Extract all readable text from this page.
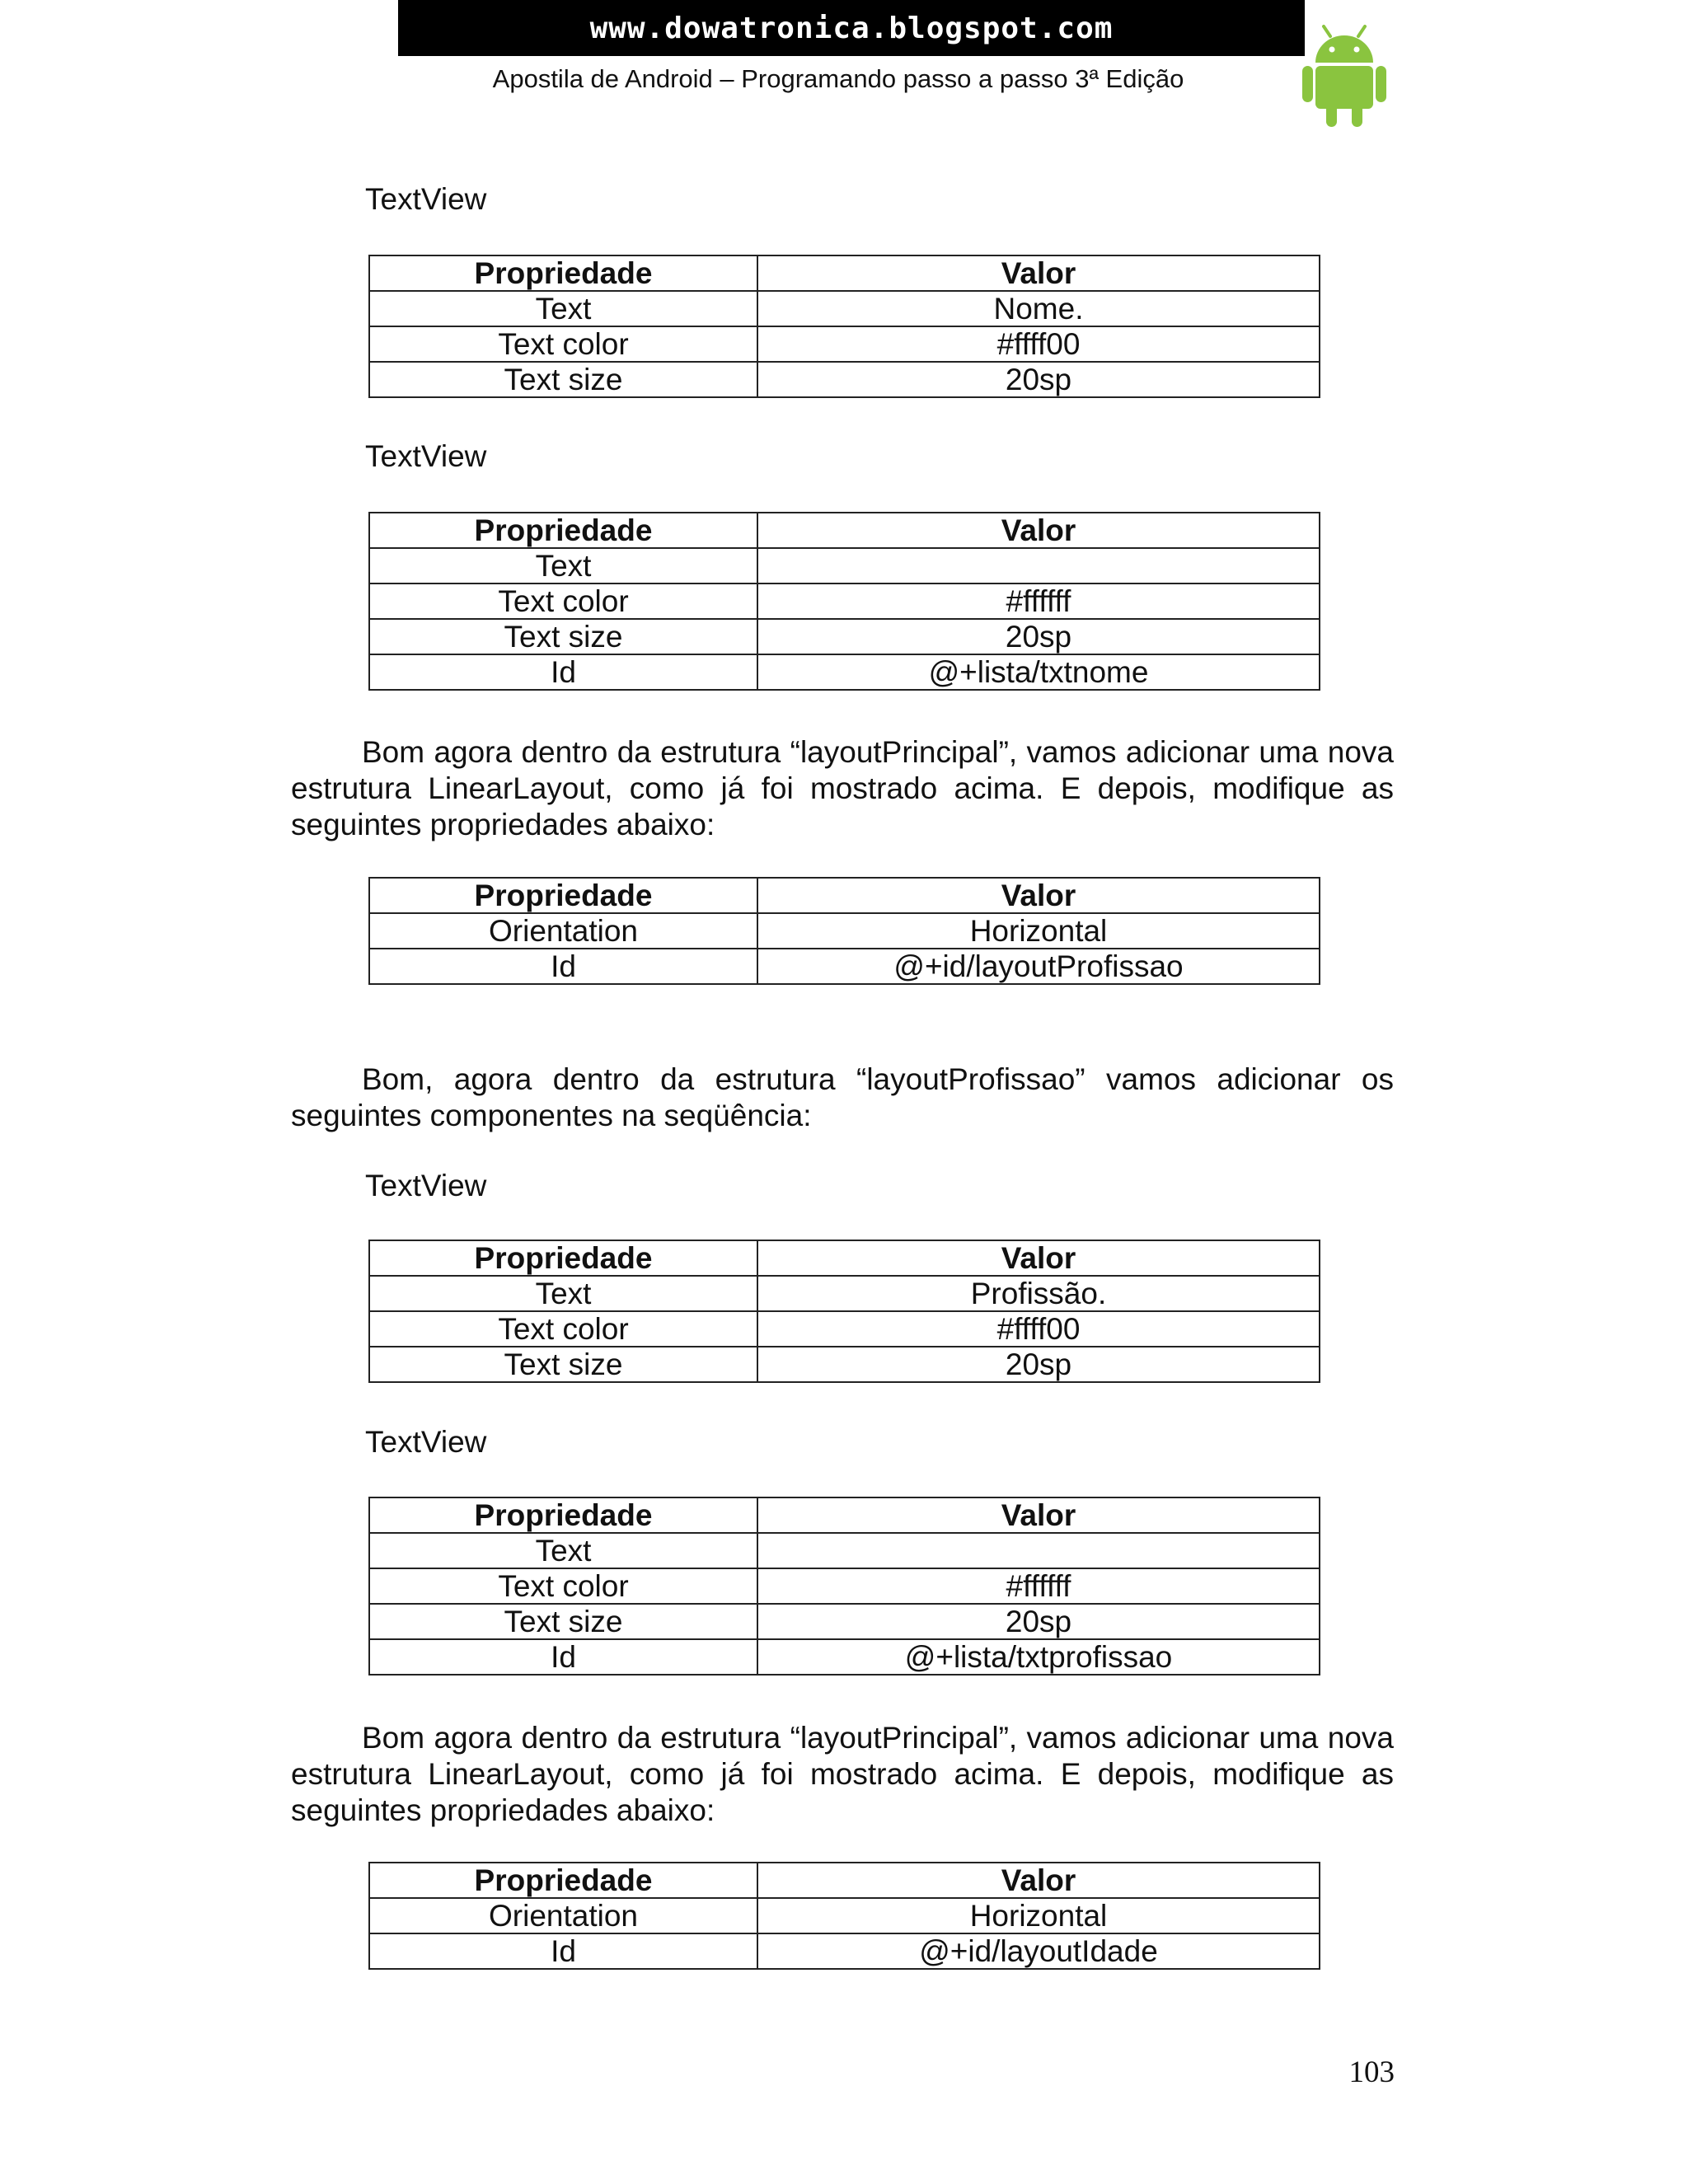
www.dowatronica.blogspot.com
Apostila de Android – Programando passo a passo 3ª Edição
TextView
Propriedade	Valor
Text	Nome.
Text color	#ffff00
Text size	20sp
TextView
Propriedade	Valor
Text	
Text color	#ffffff
Text size	20sp
Id	@+lista/txtnome
Bom agora dentro da estrutura “layoutPrincipal”, vamos adicionar uma nova estrutura LinearLayout, como já foi mostrado acima. E depois, modifique as seguintes propriedades abaixo:
Propriedade	Valor
Orientation	Horizontal
Id	@+id/layoutProfissao
Bom, agora dentro da estrutura “layoutProfissao” vamos adicionar os seguintes componentes na seqüência:
TextView
Propriedade	Valor
Text	Profissão.
Text color	#ffff00
Text size	20sp
TextView
Propriedade	Valor
Text	
Text color	#ffffff
Text size	20sp
Id	@+lista/txtprofissao
Bom agora dentro da estrutura “layoutPrincipal”, vamos adicionar uma nova estrutura LinearLayout, como já foi mostrado acima. E depois, modifique as seguintes propriedades abaixo:
Propriedade	Valor
Orientation	Horizontal
Id	@+id/layoutIdade
103
